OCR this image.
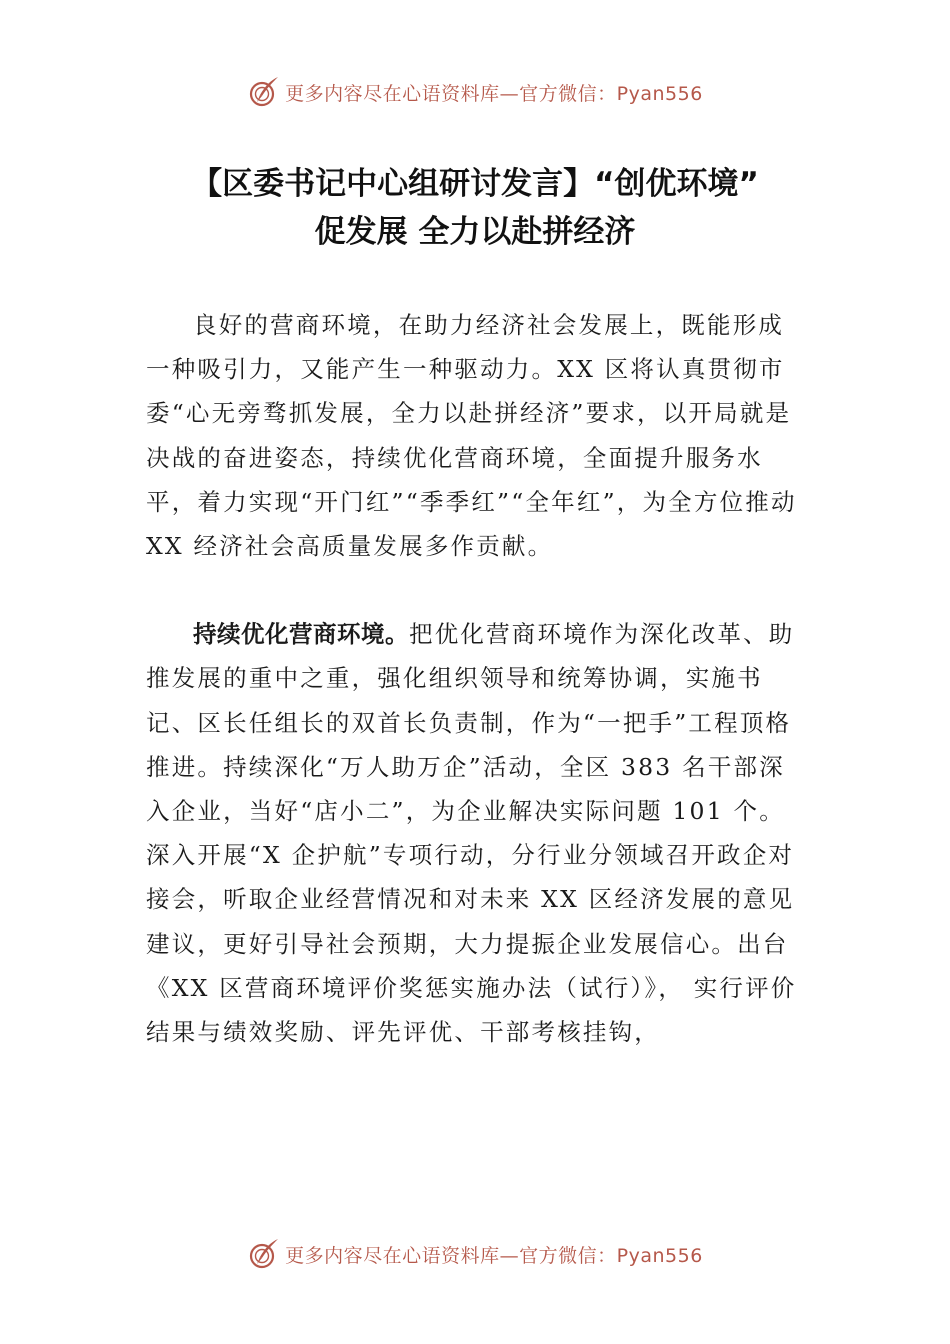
更多内容尽在心语资料库—官方微信：Pyan556
【区委书记中心组研讨发言】“创优环境”
促发展 全力以赴拼经济

良好的营商环境，在助力经济社会发展上，既能形成一种吸引力，又能产生一种驱动力。XX 区将认真贯彻市委“心无旁骛抓发展，全力以赴拼经济”要求，以开局就是决战的奋进姿态，持续优化营商环境，全面提升服务水平，着力实现“开门红”“季季红”“全年红”，为全方位推动XX 经济社会高质量发展多作贡献。

持续优化营商环境。把优化营商环境作为深化改革、助推发展的重中之重，强化组织领导和统筹协调，实施书记、区长任组长的双首长负责制，作为“一把手”工程顶格推进。持续深化“万人助万企”活动，全区 383 名干部深入企业，当好“店小二”，为企业解决实际问题 101 个。深入开展“X 企护航”专项行动，分行业分领域召开政企对接会，听取企业经营情况和对未来 XX 区经济发展的意见建议，更好引导社会预期，大力提振企业发展信心。出台《XX 区营商环境评价奖惩实施办法（试行）》， 实行评价结果与绩效奖励、评先评优、干部考核挂钩，

更多内容尽在心语资料库—官方微信：Pyan556
